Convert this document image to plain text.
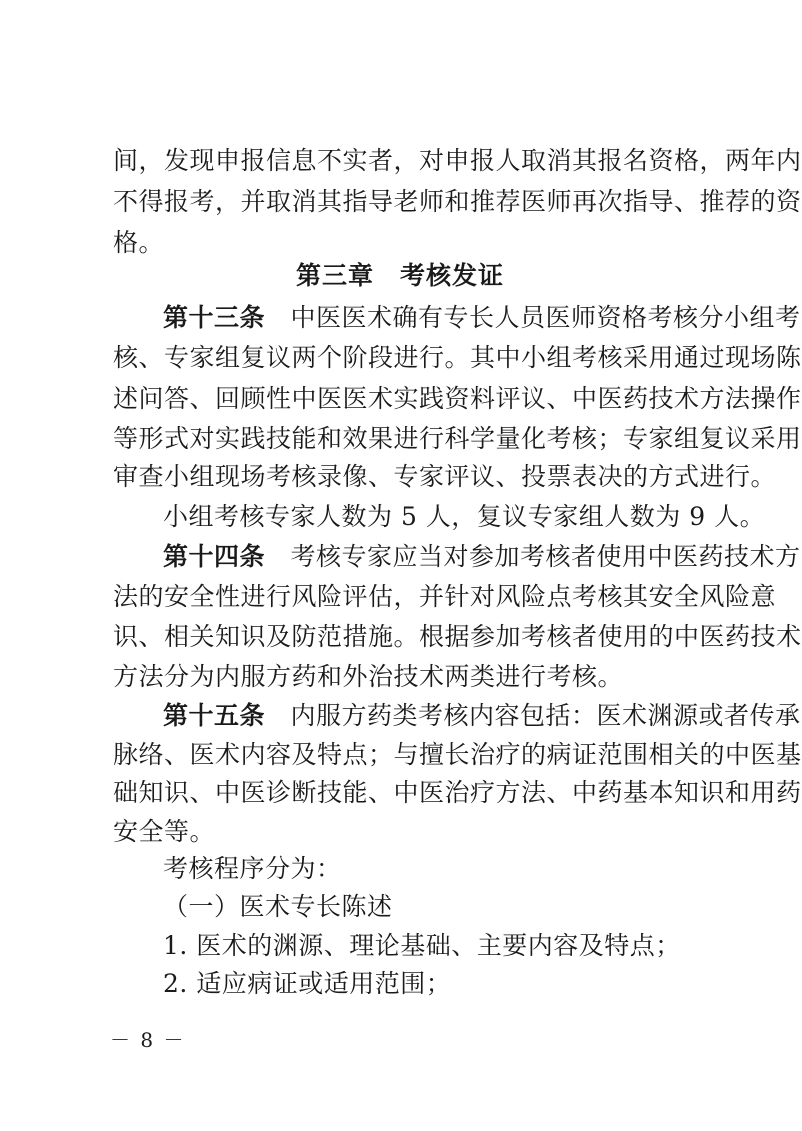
间，发现申报信息不实者，对申报人取消其报名资格，两年内
不得报考，并取消其指导老师和推荐医师再次指导、推荐的资
格。
第三章　考核发证
第十三条　 中医医术确有专长人员医师资格考核分小组考
核、专家组复议两个阶段进行。其中小组考核采用通过现场陈
述问答、回顾性中医医术实践资料评议、中医药技术方法操作
等形式对实践技能和效果进行科学量化考核；专家组复议采用
审查小组现场考核录像、专家评议、投票表决的方式进行。
小组考核专家人数为 5 人，复议专家组人数为 9 人。
第十四条　 考核专家应当对参加考核者使用中医药技术方
法的安全性进行风险评估，并针对风险点考核其安全风险意
识、相关知识及防范措施。根据参加考核者使用的中医药技术
方法分为内服方药和外治技术两类进行考核。
第十五条　 内服方药类考核内容包括：医术渊源或者传承
脉络、医术内容及特点；与擅长治疗的病证范围相关的中医基
础知识、中医诊断技能、中医治疗方法、中药基本知识和用药
安全等。
考核程序分为：
（一）医术专长陈述
1. 医术的渊源、理论基础、主要内容及特点；
2. 适应病证或适用范围；
－ 8 －
